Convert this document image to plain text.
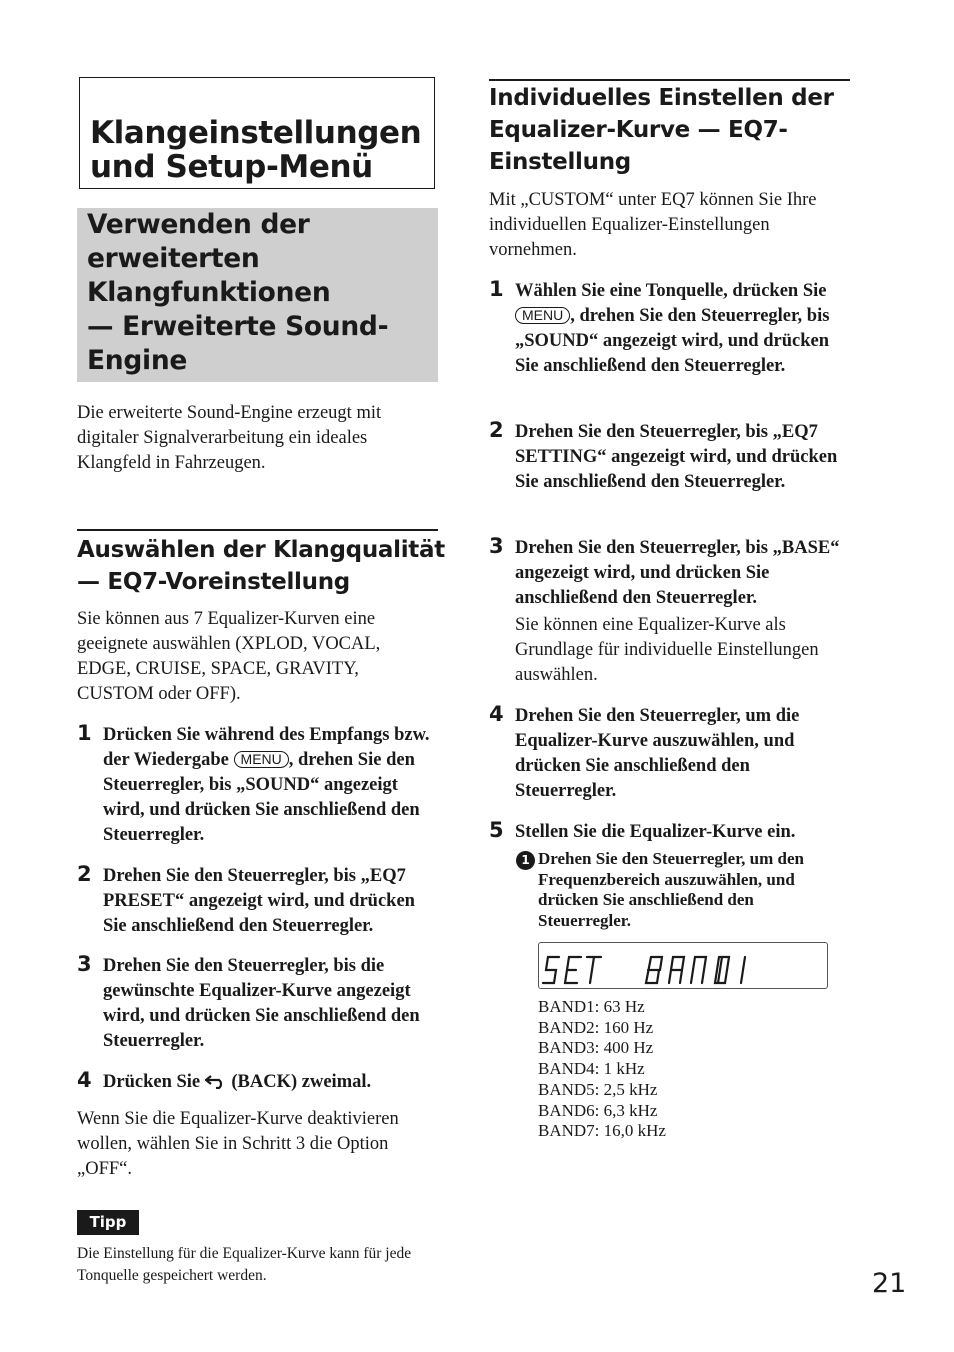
Klangeinstellungen
und Setup-Menü
Verwenden der
erweiterten
Klangfunktionen
— Erweiterte Sound-
Engine

Die erweiterte Sound-Engine erzeugt mit digitaler Signalverarbeitung ein ideales Klangfeld in Fahrzeugen.

Auswählen der Klangqualität
— EQ7-Voreinstellung

Sie können aus 7 Equalizer-Kurven eine geeignete auswählen (XPLOD, VOCAL, EDGE, CRUISE, SPACE, GRAVITY, CUSTOM oder OFF).

1 Drücken Sie während des Empfangs bzw. der Wiedergabe MENU , drehen Sie den Steuerregler, bis „SOUND“ angezeigt wird, und drücken Sie anschließend den Steuerregler.

2 Drehen Sie den Steuerregler, bis „EQ7 PRESET“ angezeigt wird, und drücken Sie anschließend den Steuerregler.

3 Drehen Sie den Steuerregler, bis die gewünschte Equalizer-Kurve angezeigt wird, und drücken Sie anschließend den Steuerregler.

4 Drücken Sie (BACK) zweimal.

Wenn Sie die Equalizer-Kurve deaktivieren wollen, wählen Sie in Schritt 3 die Option „OFF“.

Tipp

Die Einstellung für die Equalizer-Kurve kann für jede Tonquelle gespeichert werden.

Individuelles Einstellen der
Equalizer-Kurve — EQ7-
Einstellung

Mit „CUSTOM“ unter EQ7 können Sie Ihre individuellen Equalizer-Einstellungen vornehmen.

1 Wählen Sie eine Tonquelle, drücken Sie MENU , drehen Sie den Steuerregler, bis „SOUND“ angezeigt wird, und drücken Sie anschließend den Steuerregler.

2 Drehen Sie den Steuerregler, bis „EQ7 SETTING“ angezeigt wird, und drücken Sie anschließend den Steuerregler.

3 Drehen Sie den Steuerregler, bis „BASE“ angezeigt wird, und drücken Sie anschließend den Steuerregler.

Sie können eine Equalizer-Kurve als Grundlage für individuelle Einstellungen auswählen.

4 Drehen Sie den Steuerregler, um die Equalizer-Kurve auszuwählen, und drücken Sie anschließend den Steuerregler.

5 Stellen Sie die Equalizer-Kurve ein.

1 Drehen Sie den Steuerregler, um den Frequenzbereich auszuwählen, und drücken Sie anschließend den Steuerregler.

BAND1: 63 Hz
BAND2: 160 Hz
BAND3: 400 Hz
BAND4: 1 kHz
BAND5: 2,5 kHz
BAND6: 6,3 kHz
BAND7: 16,0 kHz
21
